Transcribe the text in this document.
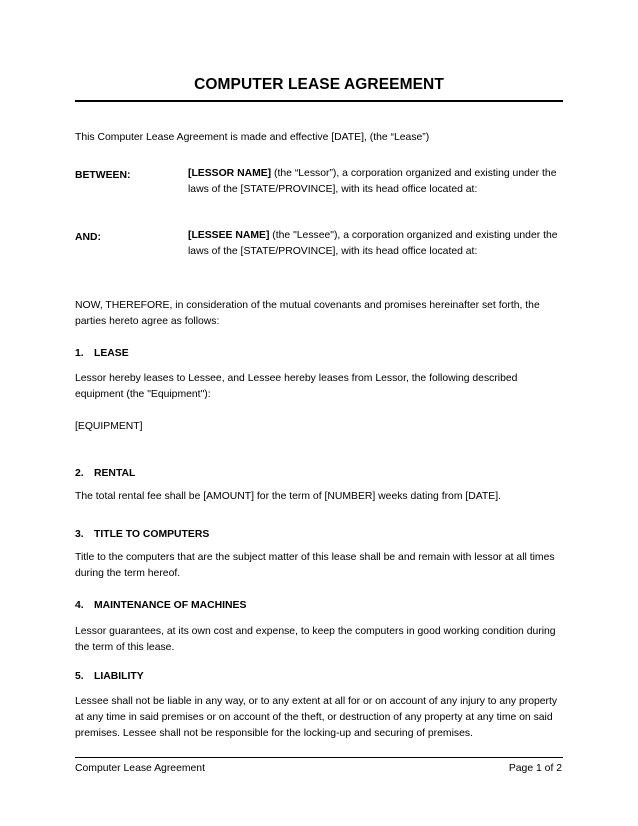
COMPUTER LEASE AGREEMENT
This Computer Lease Agreement is made and effective [DATE], (the “Lease”)
BETWEEN:	[LESSOR NAME] (the “Lessor”), a corporation organized and existing under the laws of the [STATE/PROVINCE], with its head office located at:
AND:	[LESSEE NAME] (the "Lessee"), a corporation organized and existing under the laws of the [STATE/PROVINCE], with its head office located at:
NOW, THEREFORE, in consideration of the mutual covenants and promises hereinafter set forth, the parties hereto agree as follows:
1. LEASE
Lessor hereby leases to Lessee, and Lessee hereby leases from Lessor, the following described equipment (the "Equipment"):
[EQUIPMENT]
2. RENTAL
The total rental fee shall be [AMOUNT] for the term of [NUMBER] weeks dating from [DATE].
3. TITLE TO COMPUTERS
Title to the computers that are the subject matter of this lease shall be and remain with lessor at all times during the term hereof.
4. MAINTENANCE OF MACHINES
Lessor guarantees, at its own cost and expense, to keep the computers in good working condition during the term of this lease.
5. LIABILITY
Lessee shall not be liable in any way, or to any extent at all for or on account of any injury to any property at any time in said premises or on account of the theft, or destruction of any property at any time on said premises. Lessee shall not be responsible for the locking-up and securing of premises.
Computer Lease Agreement	Page 1 of 2
